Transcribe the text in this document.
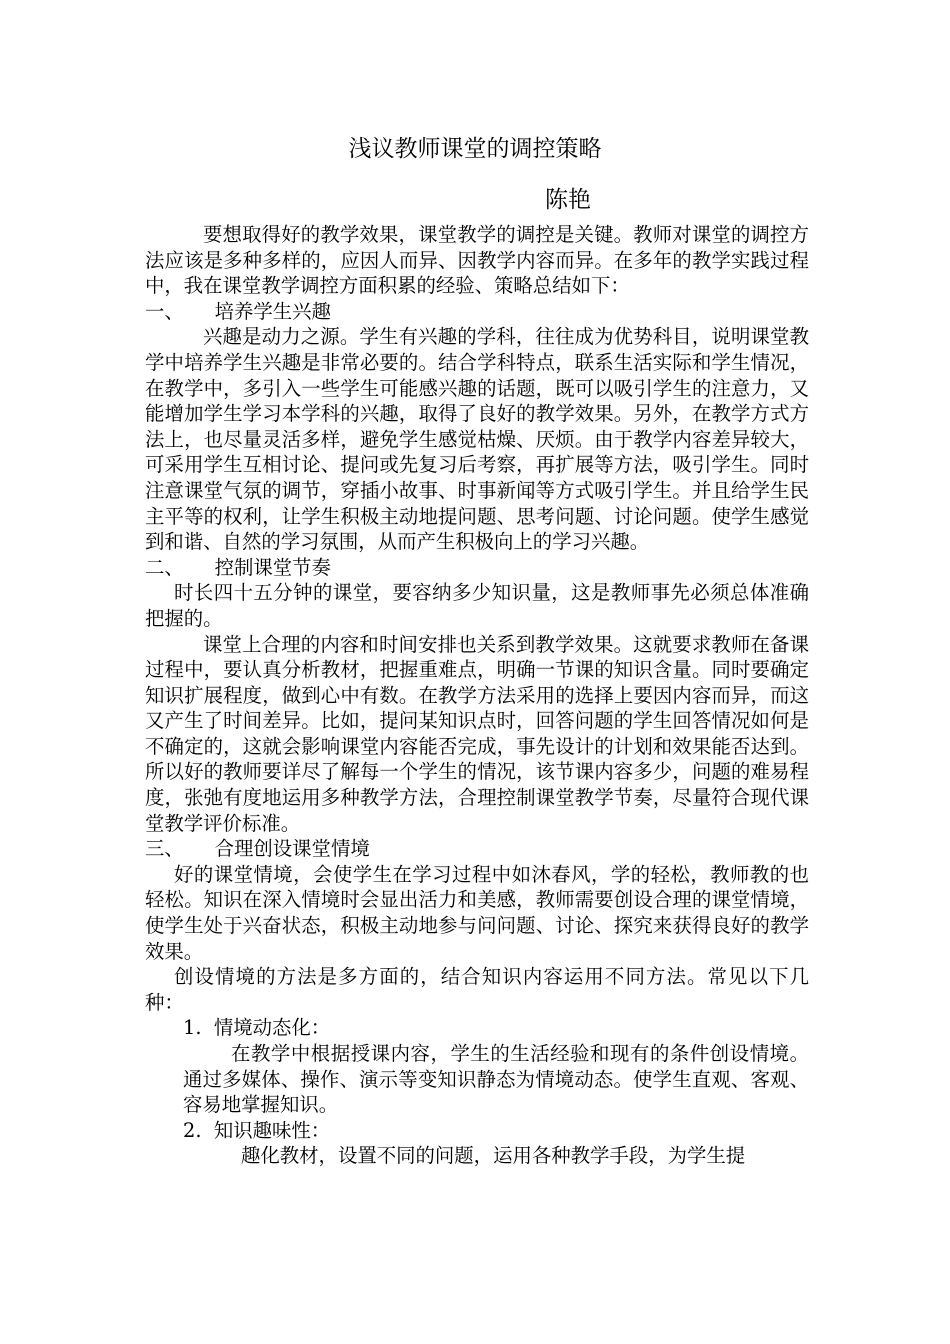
浅议教师课堂的调控策略
陈艳

要想取得好的教学效果，课堂教学的调控是关键。教师对课堂的调控方法应该是多种多样的，应因人而异、因教学内容而异。在多年的教学实践过程中，我在课堂教学调控方面积累的经验、策略总结如下：

一、 培养学生兴趣

兴趣是动力之源。学生有兴趣的学科，往往成为优势科目，说明课堂教学中培养学生兴趣是非常必要的。结合学科特点，联系生活实际和学生情况，在教学中，多引入一些学生可能感兴趣的话题，既可以吸引学生的注意力，又能增加学生学习本学科的兴趣，取得了良好的教学效果。另外，在教学方式方法上，也尽量灵活多样，避免学生感觉枯燥、厌烦。由于教学内容差异较大，可采用学生互相讨论、提问或先复习后考察，再扩展等方法，吸引学生。同时注意课堂气氛的调节，穿插小故事、时事新闻等方式吸引学生。并且给学生民主平等的权利，让学生积极主动地提问题、思考问题、讨论问题。使学生感觉到和谐、自然的学习氛围，从而产生积极向上的学习兴趣。

二、 控制课堂节奏

时长四十五分钟的课堂，要容纳多少知识量，这是教师事先必须总体准确把握的。

课堂上合理的内容和时间安排也关系到教学效果。这就要求教师在备课过程中，要认真分析教材，把握重难点，明确一节课的知识含量。同时要确定知识扩展程度，做到心中有数。在教学方法采用的选择上要因内容而异，而这又产生了时间差异。比如，提问某知识点时，回答问题的学生回答情况如何是不确定的，这就会影响课堂内容能否完成，事先设计的计划和效果能否达到。所以好的教师要详尽了解每一个学生的情况，该节课内容多少，问题的难易程度，张弛有度地运用多种教学方法，合理控制课堂教学节奏，尽量符合现代课堂教学评价标准。

三、 合理创设课堂情境

好的课堂情境，会使学生在学习过程中如沐春风，学的轻松，教师教的也轻松。知识在深入情境时会显出活力和美感，教师需要创设合理的课堂情境，使学生处于兴奋状态，积极主动地参与问问题、讨论、探究来获得良好的教学效果。

创设情境的方法是多方面的，结合知识内容运用不同方法。常见以下几种：

1. 情境动态化：

在教学中根据授课内容，学生的生活经验和现有的条件创设情境。通过多媒体、操作、演示等变知识静态为情境动态。使学生直观、客观、容易地掌握知识。

2. 知识趣味性：

趣化教材，设置不同的问题，运用各种教学手段，为学生提
